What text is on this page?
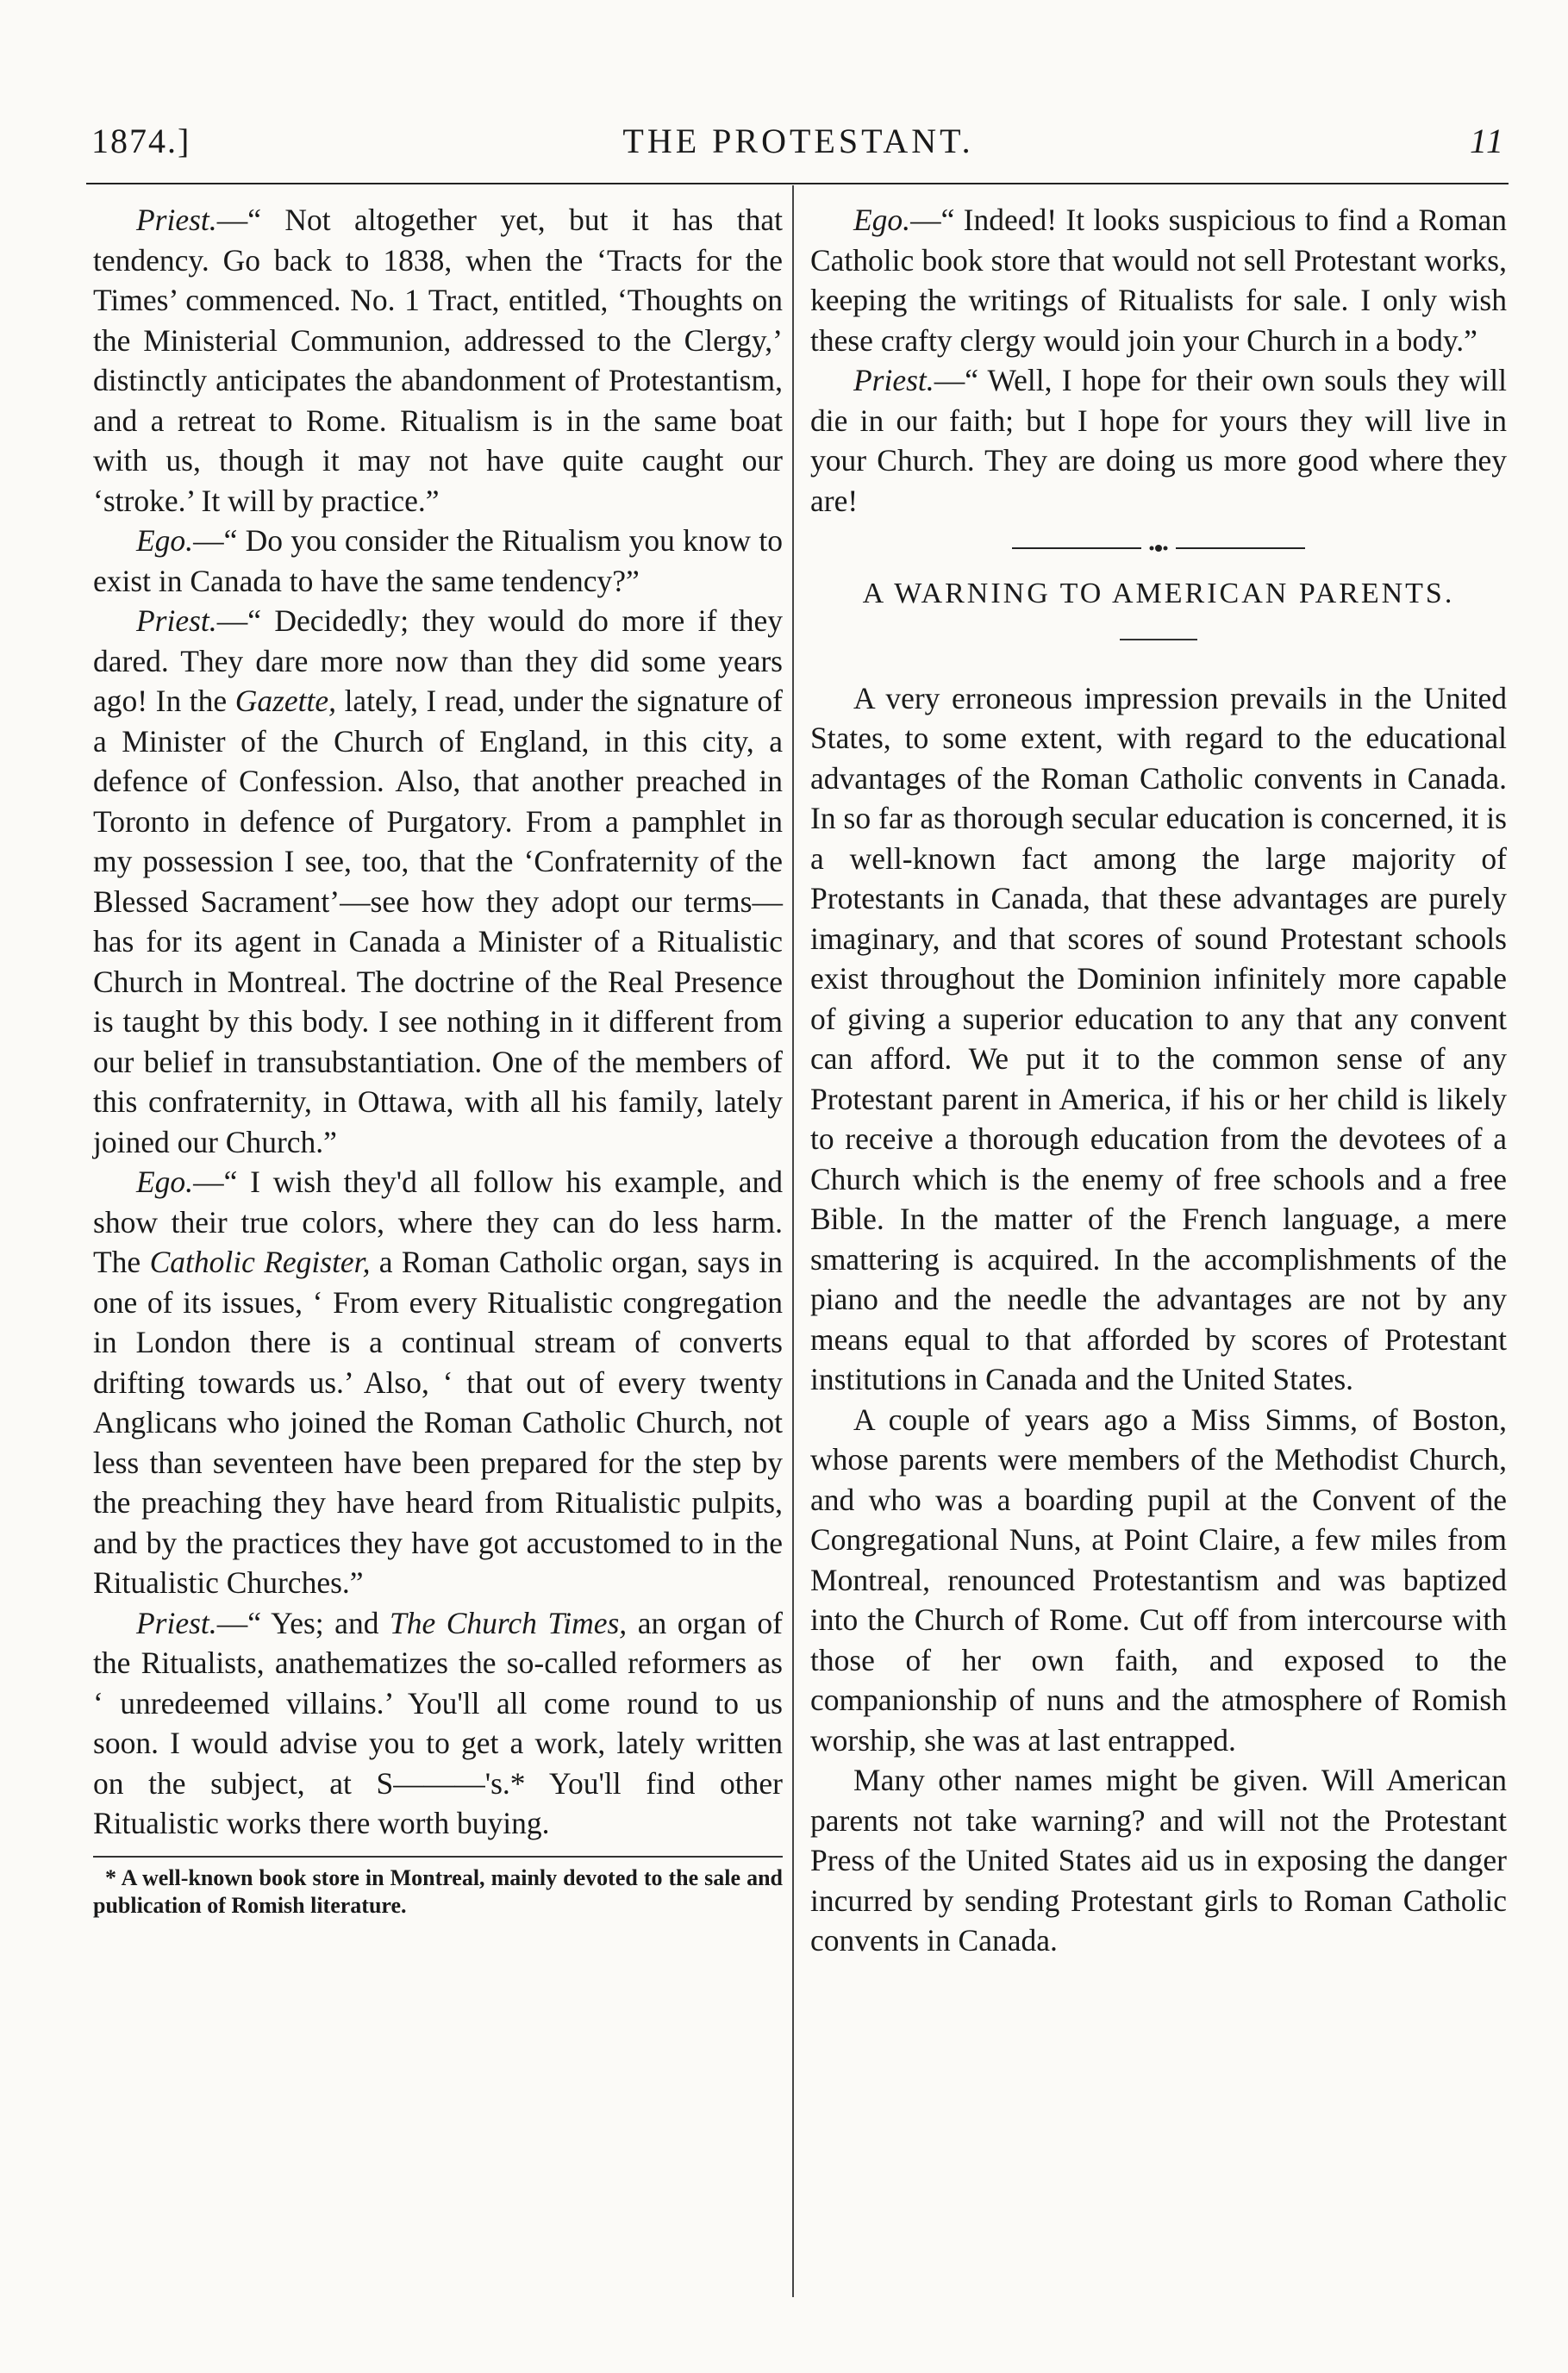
1874.]	THE PROTESTANT.	11

Priest.—“ Not altogether yet, but it has that tendency. Go back to 1838, when the ‘Tracts for the Times’ commenced. No. 1 Tract, entitled, ‘Thoughts on the Ministerial Communion, addressed to the Clergy,’ distinctly anticipates the abandonment of Protestantism, and a retreat to Rome. Ritualism is in the same boat with us, though it may not have quite caught our ‘stroke.’ It will by practice.”

Ego.—“ Do you consider the Ritualism you know to exist in Canada to have the same tendency?”

Priest.—“ Decidedly; they would do more if they dared. They dare more now than they did some years ago! In the Gazette, lately, I read, under the signature of a Minister of the Church of England, in this city, a defence of Confession. Also, that another preached in Toronto in defence of Purgatory. From a pamphlet in my possession I see, too, that the ‘Confraternity of the Blessed Sacrament’—see how they adopt our terms—has for its agent in Canada a Minister of a Ritualistic Church in Montreal. The doctrine of the Real Presence is taught by this body. I see nothing in it different from our belief in transubstantiation. One of the members of this confraternity, in Ottawa, with all his family, lately joined our Church.”

Ego.—“ I wish they'd all follow his example, and show their true colors, where they can do less harm. The Catholic Register, a Roman Catholic organ, says in one of its issues, ‘ From every Ritualistic congregation in London there is a continual stream of converts drifting towards us.’ Also, ‘ that out of every twenty Anglicans who joined the Roman Catholic Church, not less than seventeen have been prepared for the step by the preaching they have heard from Ritualistic pulpits, and by the practices they have got accustomed to in the Ritualistic Churches.”

Priest.—“ Yes; and The Church Times, an organ of the Ritualists, anathematizes the so-called reformers as ‘ unredeemed villains.’ You'll all come round to us soon. I would advise you to get a work, lately written on the subject, at S———'s.* You'll find other Ritualistic works there worth buying.

* A well-known book store in Montreal, mainly devoted to the sale and publication of Romish literature.

Ego.—“ Indeed! It looks suspicious to find a Roman Catholic book store that would not sell Protestant works, keeping the writings of Ritualists for sale. I only wish these crafty clergy would join your Church in a body.”

Priest.—“ Well, I hope for their own souls they will die in our faith; but I hope for yours they will live in your Church. They are doing us more good where they are!

A WARNING TO AMERICAN PARENTS.

A very erroneous impression prevails in the United States, to some extent, with regard to the educational advantages of the Roman Catholic convents in Canada. In so far as thorough secular education is concerned, it is a well-known fact among the large majority of Protestants in Canada, that these advantages are purely imaginary, and that scores of sound Protestant schools exist throughout the Dominion infinitely more capable of giving a superior education to any that any convent can afford. We put it to the common sense of any Protestant parent in America, if his or her child is likely to receive a thorough education from the devotees of a Church which is the enemy of free schools and a free Bible. In the matter of the French language, a mere smattering is acquired. In the accomplishments of the piano and the needle the advantages are not by any means equal to that afforded by scores of Protestant institutions in Canada and the United States.

A couple of years ago a Miss Simms, of Boston, whose parents were members of the Methodist Church, and who was a boarding pupil at the Convent of the Congregational Nuns, at Point Claire, a few miles from Montreal, renounced Protestantism and was baptized into the Church of Rome. Cut off from intercourse with those of her own faith, and exposed to the companionship of nuns and the atmosphere of Romish worship, she was at last entrapped.

Many other names might be given. Will American parents not take warning? and will not the Protestant Press of the United States aid us in exposing the danger incurred by sending Protestant girls to Roman Catholic convents in Canada.
